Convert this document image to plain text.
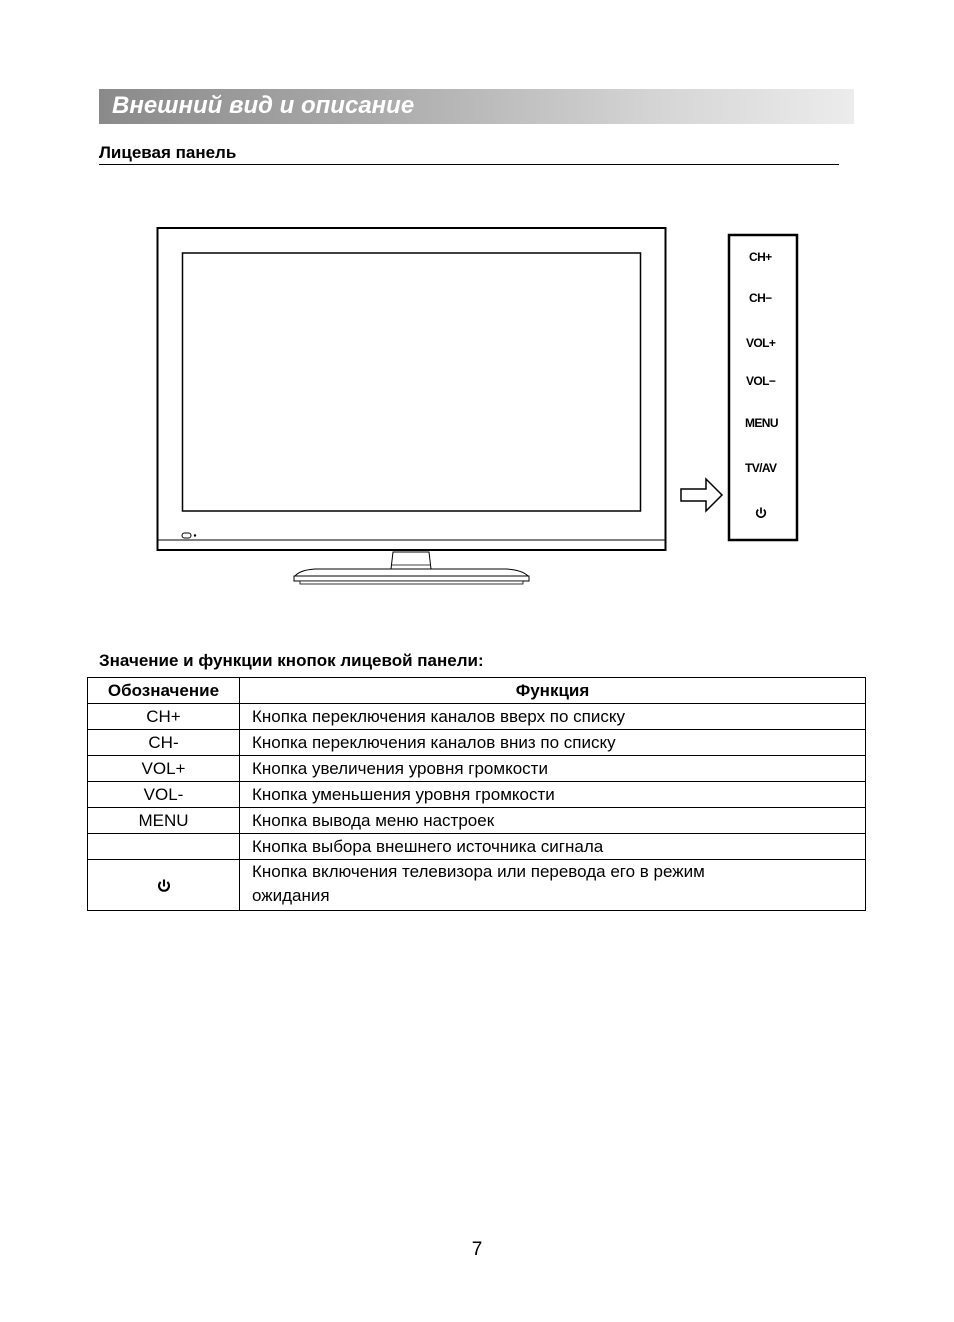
Внешний вид и описание
Лицевая панель
CH+
CH−
VOL+
VOL−
MENU
TV/AV
Значение и функции кнопок лицевой панели:
Обозначение	Функция
CH+	Кнопка переключения каналов вверх по списку
CH-	Кнопка переключения каналов вниз по списку
VOL+	Кнопка увеличения уровня громкости
VOL-	Кнопка уменьшения уровня громкости
MENU	Кнопка вывода меню настроек
	Кнопка выбора внешнего источника сигнала
	Кнопка включения телевизора или перевода его в режим ожидания
7
